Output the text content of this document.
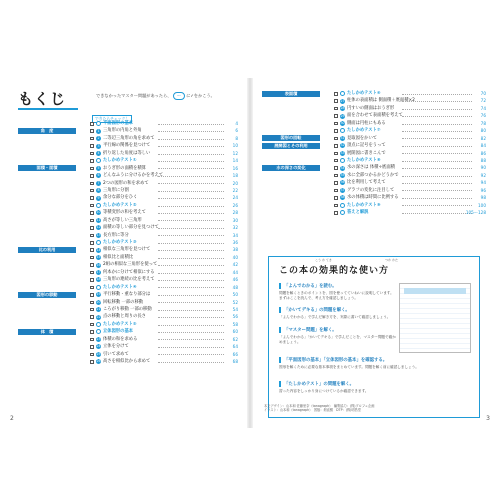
もくじ	できなかったマスター問題があったら、 〜 に✓をかこう。
できたらチェック！
平面図形の基本	4
角　度	1 三角形の内角と外角	6
2 二等辺三角形の角を求めて	8
3 平行線の関係を見つけて	10
4 折り返した角度は等しい	12
たしかめテスト①	14
面積・面積	5 おうぎ形の面積を積算	16
6 どんなふうに分けるかを考えて	18
7 2つの図形の和を求めて	20
8 三角形に分割	22
9 余分な部分をひく	24
たしかめテスト②	26
10 等積変形の和を考えて	28
11 高さが等しい三角形	30
12 面積の等しい部分を見つけて	32
13 長方形に等分	34
たしかめテスト③	36
比の利用	14 相似な三角形を見つけて	38
15 相似比と面積比	40
16 2組の相似な三角形を使って	42
17 何本かに分けて相似にする	44
18 三角形の連続の比を考えて	46
たしかめテスト④	48
図形の移動	19 平行移動・重なり部分は	50
20 回転移動 一部の移動	52
21 ころがり移動 一部の移動	54
22 点の移動と周りの長さ	56
たしかめテスト⑤	58
体　積	立体図形の基本	60
23 体積の和を求める	62
24 立体を分けて	64
25 引いて求めて	66
26 高さを相似比から求めて	68
2
表面積	たしかめテスト⑥	70
27 柱体の表面積は 側面積＋底面積×2	72
28 円すいの側面はおうぎ形	74
29 面を合わせて表面積を考えて	76
30 側面は円柱にもある	78
たしかめテスト⑦	80
図形の回転	31 見取図をかいて	82
展開図とその利用	32 頂点に記号をうって	84
33 展開図に書きこんで	86
たしかめテスト⑧	88
水の深さの変化	34 水の深さは 体積÷底面積	90
35 水に全部つかるかどうかで	92
36 比を利用して考えて	94
37 グラフの変化に注目して	96
38 水の体積は時間に比例する	98
たしかめテスト⑨	100
答えと解説	105〜128
この本の効果的な使い方
こう か てき	つか かた
「よんでわかる」を読む。
問題を解くときのポイントを、図を使ってていねいに説明しています。まずはここを読んで、考え方を確認しましょう。
「かいてデキる」の問題を解く。
「よんでわかる」で学んだ解き方を、実際に書いて確認しましょう。
「マスター問題」を解く。
「よんでわかる」「かいてデキる」で学んだことを、マスター問題で確かめましょう。
「平面図形の基本」「立体図形の基本」を確認する。
図形を解くために必要な基本事項をまとめています。問題を解く前に確認しましょう。
「たしかめテスト」の問題を解く。
習った内容をしっかり身につけているか確認できます。
本文デザイン：山本和 佐藤里奈（tanagraph）　編集協力：(株)プロフェ企画
イラスト：山本和（tanagraph）　図版：畑直樹　DTP：(株)明昌堂
3
